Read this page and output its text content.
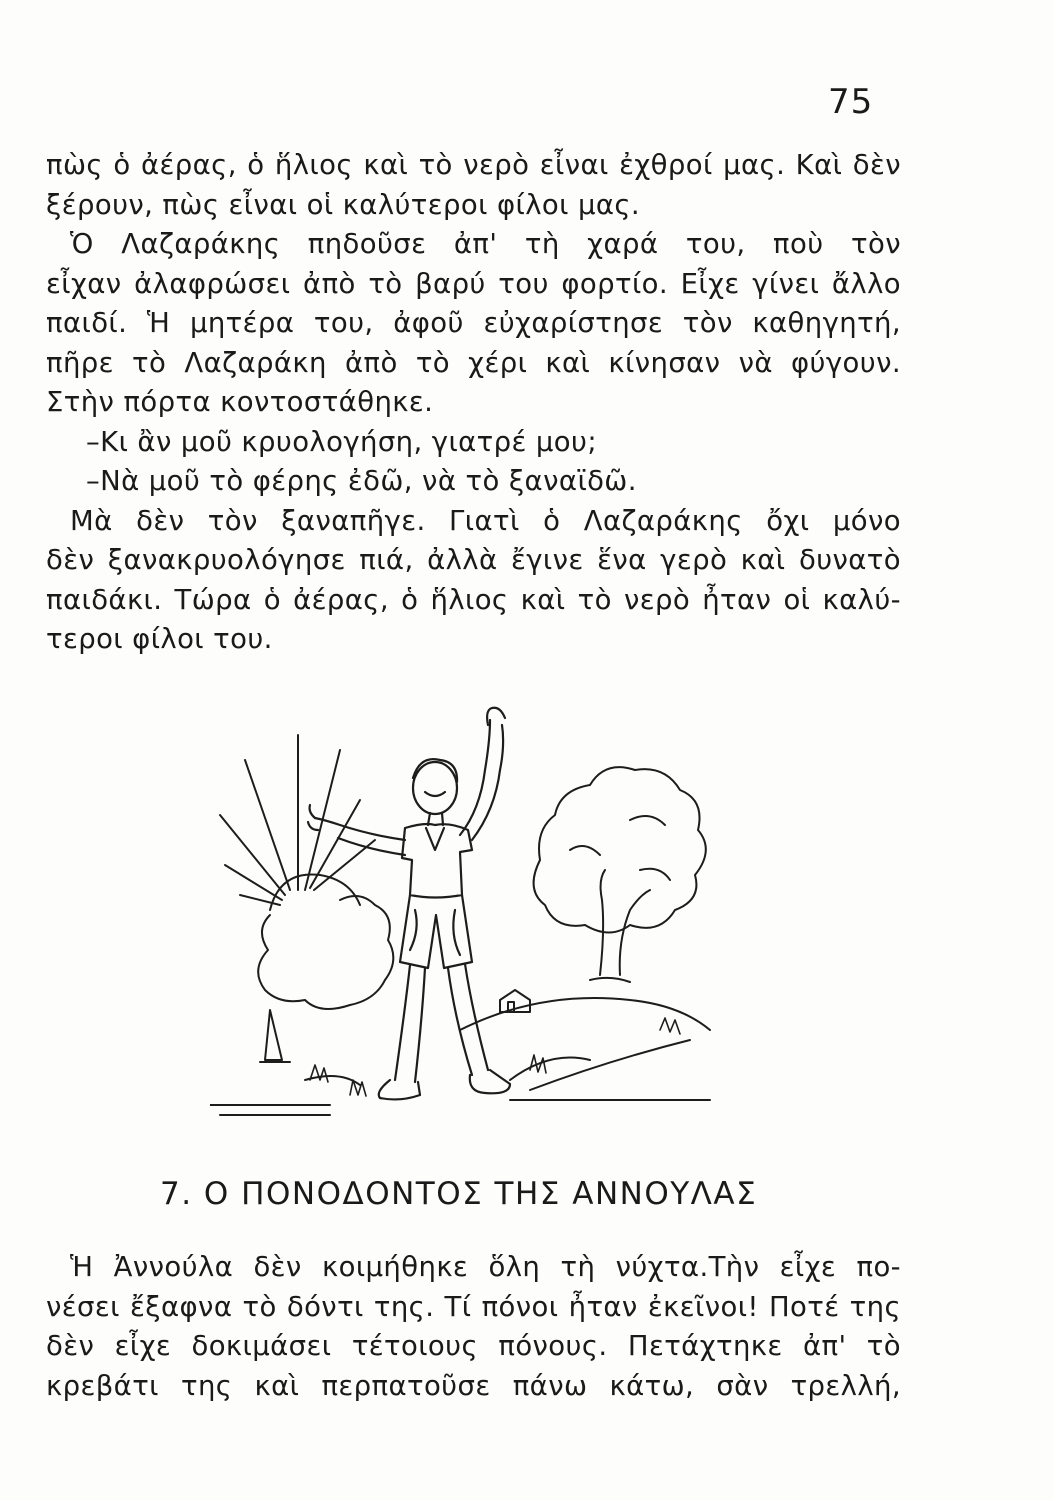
75
πὼς ὁ ἀέρας, ὁ ἥλιος καὶ τὸ νερὸ εἶναι ἐχθροί μας. Καὶ δὲν
ξέρουν, πὼς εἶναι οἱ καλύτεροι φίλοι μας.
Ὁ Λαζαράκης πηδοῦσε ἀπ' τὴ χαρά του, ποὺ τὸν
εἶχαν ἀλαφρώσει ἀπὸ τὸ βαρύ του φορτίο. Εἶχε γίνει ἄλλο
παιδί. Ἡ μητέρα του, ἀφοῦ εὐχαρίστησε τὸν καθηγητή,
πῆρε τὸ Λαζαράκη ἀπὸ τὸ χέρι καὶ κίνησαν νὰ φύγουν.
Στὴν πόρτα κοντοστάθηκε.
–Κι ἂν μοῦ κρυολογήση, γιατρέ μου;
–Νὰ μοῦ τὸ φέρης ἐδῶ, νὰ τὸ ξαναϊδῶ.
Μὰ δὲν τὸν ξαναπῆγε. Γιατὶ ὁ Λαζαράκης ὄχι μόνο
δὲν ξανακρυολόγησε πιά, ἀλλὰ ἔγινε ἕνα γερὸ καὶ δυνατὸ
παιδάκι. Τώρα ὁ ἀέρας, ὁ ἥλιος καὶ τὸ νερὸ ἦταν οἱ καλύ-
τεροι φίλοι του.
7. Ο ΠΟΝΟΔΟΝΤΟΣ ΤΗΣ ΑΝΝΟΥΛΑΣ
Ἡ Ἀννούλα δὲν κοιμήθηκε ὅλη τὴ νύχτα.Τὴν εἶχε πο-
νέσει ἔξαφνα τὸ δόντι της. Τί πόνοι ἦταν ἐκεῖνοι! Ποτέ της
δὲν εἶχε δοκιμάσει τέτοιους πόνους. Πετάχτηκε ἀπ' τὸ
κρεβάτι της καὶ περπατοῦσε πάνω κάτω, σὰν τρελλή,
